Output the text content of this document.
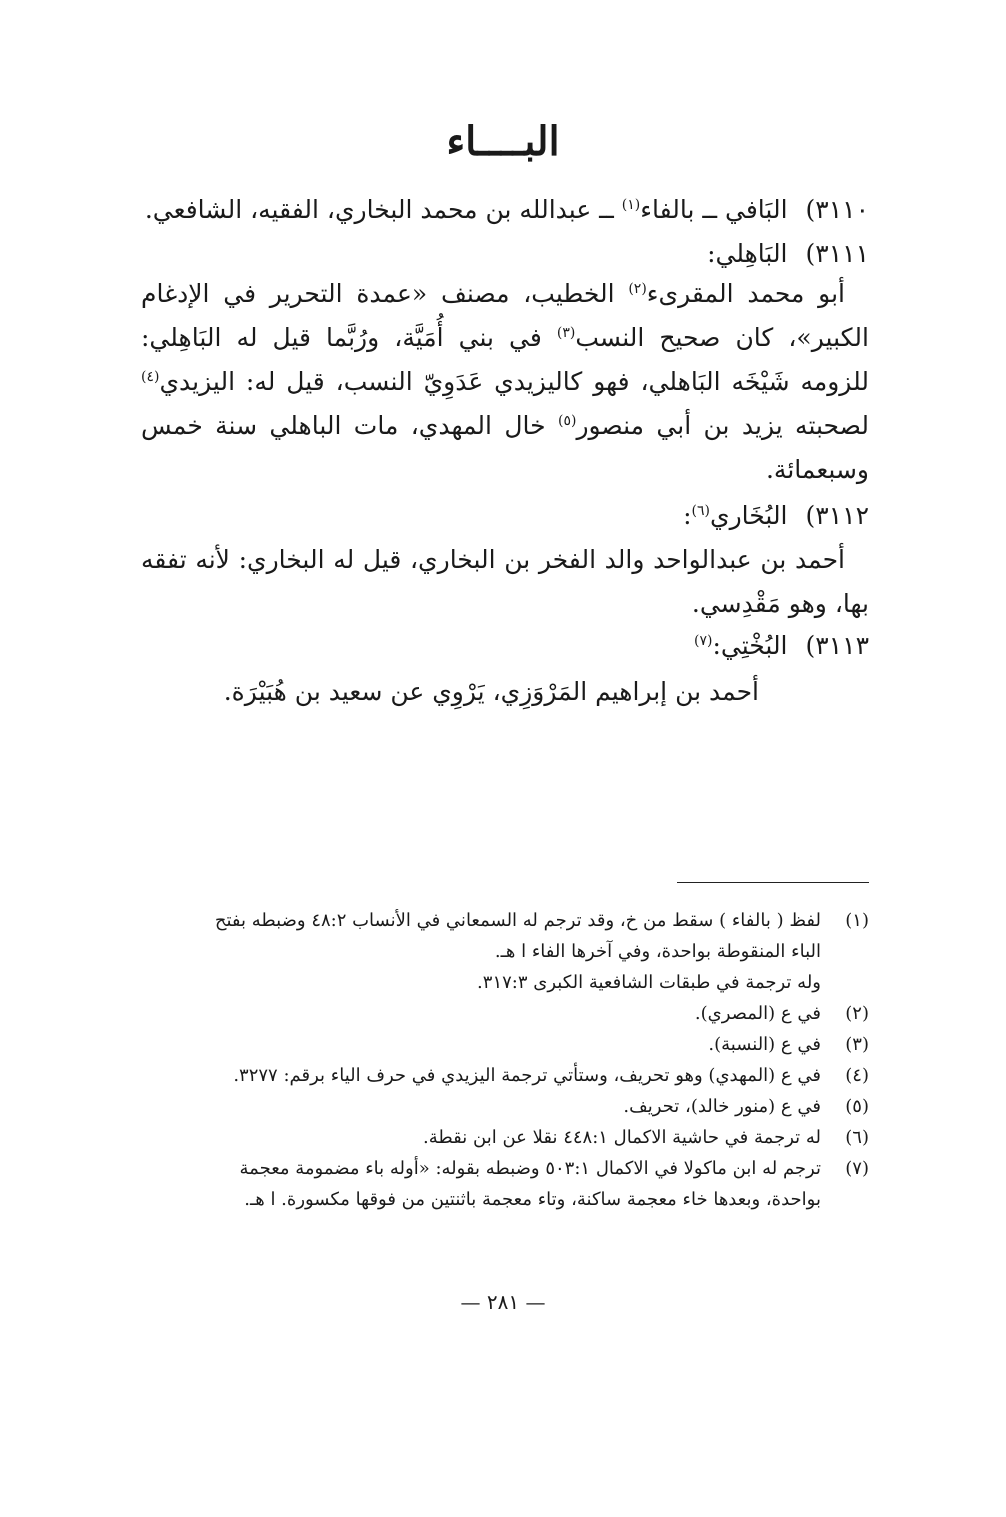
البــــاء
٣١١٠)البَافي ــ بالفاء$^{(١)}$ ــ عبدالله بن محمد البخاري، الفقيه، الشافعي.
٣١١١)البَاهِلي:

أبو محمد المقرىء$^{(٢)}$ الخطيب، مصنف «عمدة التحرير في الإدغام الكبير»، كان صحيح النسب$^{(٣)}$ في بني أُمَيَّة، ورُبَّما قيل له البَاهِلي: للزومه شَيْخَه البَاهلي، فهو كاليزيدي عَدَوِيّ النسب، قيل له: اليزيدي$^{(٤)}$ لصحبته يزيد بن أبي منصور$^{(٥)}$ خال المهدي، مات الباهلي سنة خمس وسبعمائة.

٣١١٢)البُخَاري$^{(٦)}$:

أحمد بن عبدالواحد والد الفخر بن البخاري، قيل له البخاري: لأنه تفقه بها، وهو مَقْدِسي.

٣١١٣)البُخْتِي:$^{(٧)}$
أحمد بن إبراهيم المَرْوَزِي، يَرْوِي عن سعيد بن هُبَيْرَة.
(١)
لفظ ( بالفاء ) سقط من خ، وقد ترجم له السمعاني في الأنساب ٤٨:٢ وضبطه بفتح
الباء المنقوطة بواحدة، وفي آخرها الفاء ا هـ.
وله ترجمة في طبقات الشافعية الكبرى ٣١٧:٣.
(٢)
في ع (المصري).
(٣)
في ع (النسبة).
(٤)
في ع (المهدي) وهو تحريف، وستأتي ترجمة اليزيدي في حرف الياء برقم: ٣٢٧٧.
(٥)
في ع (منور خالد)، تحريف.
(٦)
له ترجمة في حاشية الاكمال ٤٤٨:١ نقلا عن ابن نقطة.
(٧)
ترجم له ابن ماكولا في الاكمال ٥٠٣:١ وضبطه بقوله: «أوله باء مضمومة معجمة
بواحدة، وبعدها خاء معجمة ساكنة، وتاء معجمة باثنتين من فوقها مكسورة. ا هـ.
— ٢٨١ —
